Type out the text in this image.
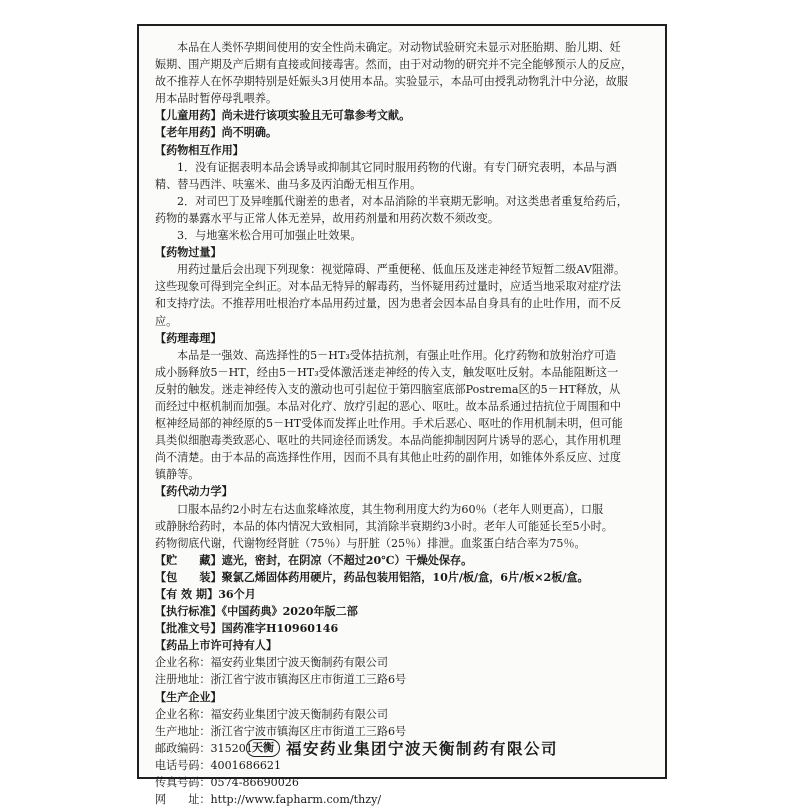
本品在人类怀孕期间使用的安全性尚未确定。对动物试验研究未显示对胚胎期、胎儿期、妊
娠期、围产期及产后期有直接或间接毒害。然而，由于对动物的研究并不完全能够预示人的反应，
故不推荐人在怀孕期特别是妊娠头3月使用本品。实验显示，本品可由授乳动物乳汁中分泌，故服
用本品时暂停母乳喂养。
【儿童用药】尚未进行该项实验且无可靠参考文献。
【老年用药】尚不明确。
【药物相互作用】
1．没有证据表明本品会诱导或抑制其它同时服用药物的代谢。有专门研究表明，本品与酒
精、替马西泮、呋塞米、曲马多及丙泊酚无相互作用。
2．对司巴丁及异喹胍代谢差的患者，对本品消除的半衰期无影响。对这类患者重复给药后，
药物的暴露水平与正常人体无差异，故用药剂量和用药次数不须改变。
3．与地塞米松合用可加强止吐效果。
【药物过量】
用药过量后会出现下列现象：视觉障碍、严重便秘、低血压及迷走神经节短暂二级AV阻滞。
这些现象可得到完全纠正。对本品无特异的解毒药，当怀疑用药过量时，应适当地采取对症疗法
和支持疗法。不推荐用吐根治疗本品用药过量，因为患者会因本品自身具有的止吐作用，而不反
应。
【药理毒理】
本品是一强效、高选择性的5－HT₃受体拮抗剂，有强止吐作用。化疗药物和放射治疗可造
成小肠释放5－HT，经由5－HT₃受体激活迷走神经的传入支，触发呕吐反射。本品能阻断这一
反射的触发。迷走神经传入支的激动也可引起位于第四脑室底部Postrema区的5－HT释放，从
而经过中枢机制而加强。本品对化疗、放疗引起的恶心、呕吐。故本品系通过拮抗位于周围和中
枢神经局部的神经原的5－HT受体而发挥止吐作用。手术后恶心、呕吐的作用机制未明，但可能
具类似细胞毒类致恶心、呕吐的共同途径而诱发。本品尚能抑制因阿片诱导的恶心，其作用机理
尚不清楚。由于本品的高选择性作用，因而不具有其他止吐药的副作用，如锥体外系反应、过度
镇静等。
【药代动力学】
口服本品约2小时左右达血浆峰浓度，其生物利用度大约为60％（老年人则更高），口服
或静脉给药时，本品的体内情况大致相同，其消除半衰期约3小时。老年人可能延长至5小时。
药物彻底代谢，代谢物经肾脏（75％）与肝脏（25％）排泄。血浆蛋白结合率为75％。
【贮　　藏】遮光，密封，在阴凉（不超过20℃）干燥处保存。
【包　　装】聚氯乙烯固体药用硬片，药品包装用铝箔，10片/板/盒，6片/板×2板/盒。
【有 效 期】36个月
【执行标准】《中国药典》2020年版二部
【批准文号】国药准字H10960146
【药品上市许可持有人】
企业名称：福安药业集团宁波天衡制药有限公司
注册地址：浙江省宁波市镇海区庄市街道工三路6号
【生产企业】
企业名称：福安药业集团宁波天衡制药有限公司
生产地址：浙江省宁波市镇海区庄市街道工三路6号
邮政编码：315201
电话号码：4001686621
传真号码：0574-86690026
网　　址：http://www.fapharm.com/thzy/
天衡 福安药业集团宁波天衡制药有限公司
